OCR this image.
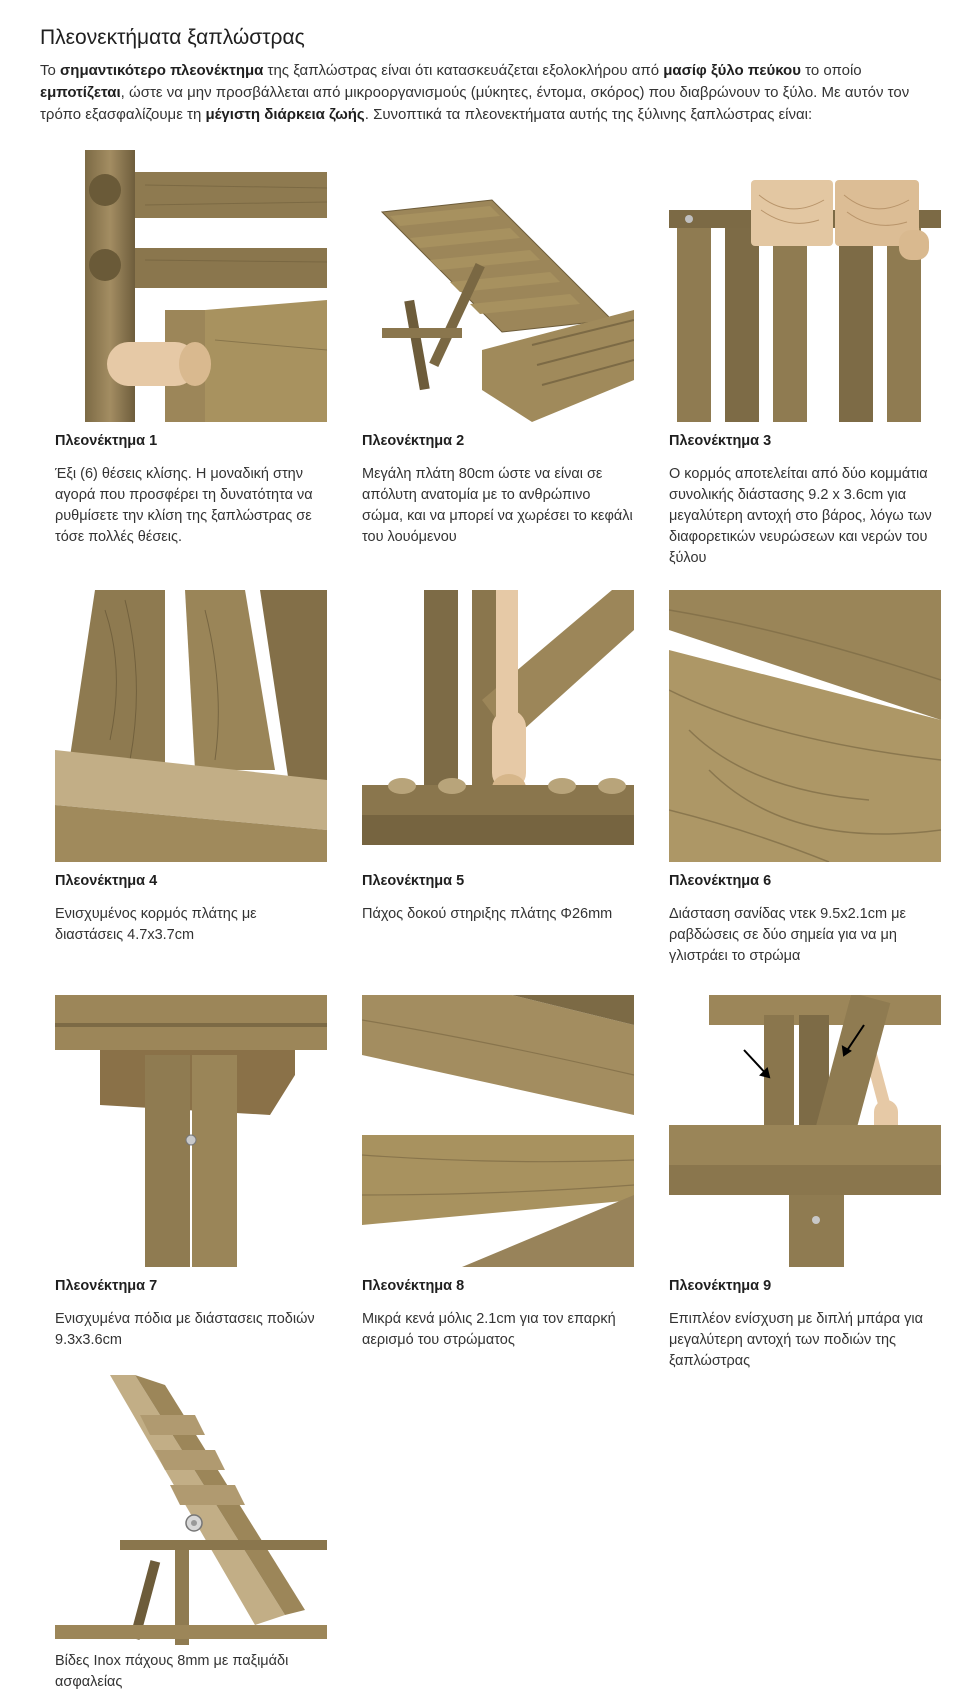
Πλεονεκτήματα ξαπλώστρας

Το σημαντικότερο πλεονέκτημα της ξαπλώστρας είναι ότι κατασκευάζεται εξολοκλήρου από μασίφ ξύλο πεύκου το οποίο εμποτίζεται, ώστε να μην προσβάλλεται από μικροοργανισμούς (μύκητες, έντομα, σκόρος) που διαβρώνουν το ξύλο. Με αυτόν τον τρόπο εξασφαλίζουμε τη μέγιστη διάρκεια ζωής. Συνοπτικά τα πλεονεκτήματα αυτής της ξύλινης ξαπλώστρας είναι:

Πλεονέκτημα 1

Έξι (6) θέσεις κλίσης. Η μοναδική στην αγορά που προσφέρει τη δυνατότητα να ρυθμίσετε την κλίση της ξαπλώστρας σε τόσε πολλές θέσεις.

Πλεονέκτημα 2

Μεγάλη πλάτη 80cm ώστε να είναι σε απόλυτη ανατομία με το ανθρώπινο σώμα, και να μπορεί να χωρέσει το κεφάλι του λουόμενου

Πλεονέκτημα 3

Ο κορμός αποτελείται από δύο κομμάτια συνολικής διάστασης 9.2 x 3.6cm για μεγαλύτερη αντοχή στο βάρος, λόγω των διαφορετικών νευρώσεων και νερών του ξύλου

Πλεονέκτημα 4

Ενισχυμένος κορμός πλάτης με διαστάσεις 4.7x3.7cm

Πλεονέκτημα 5

Πάχος δοκού στηριξης πλάτης Φ26mm

Πλεονέκτημα 6

Διάσταση σανίδας ντεκ 9.5x2.1cm με ραβδώσεις σε δύο σημεία για να μη γλιστράει το στρώμα

Πλεονέκτημα 7

Ενισχυμένα πόδια με διάστασεις ποδιών 9.3x3.6cm

Πλεονέκτημα 8

Μικρά κενά μόλις 2.1cm για τον επαρκή αερισμό του στρώματος

Πλεονέκτημα 9

Επιπλέον ενίσχυση με διπλή μπάρα για μεγαλύτερη αντοχή των ποδιών της ξαπλώστρας

Βίδες Inox πάχους 8mm με παξιμάδι ασφαλείας
